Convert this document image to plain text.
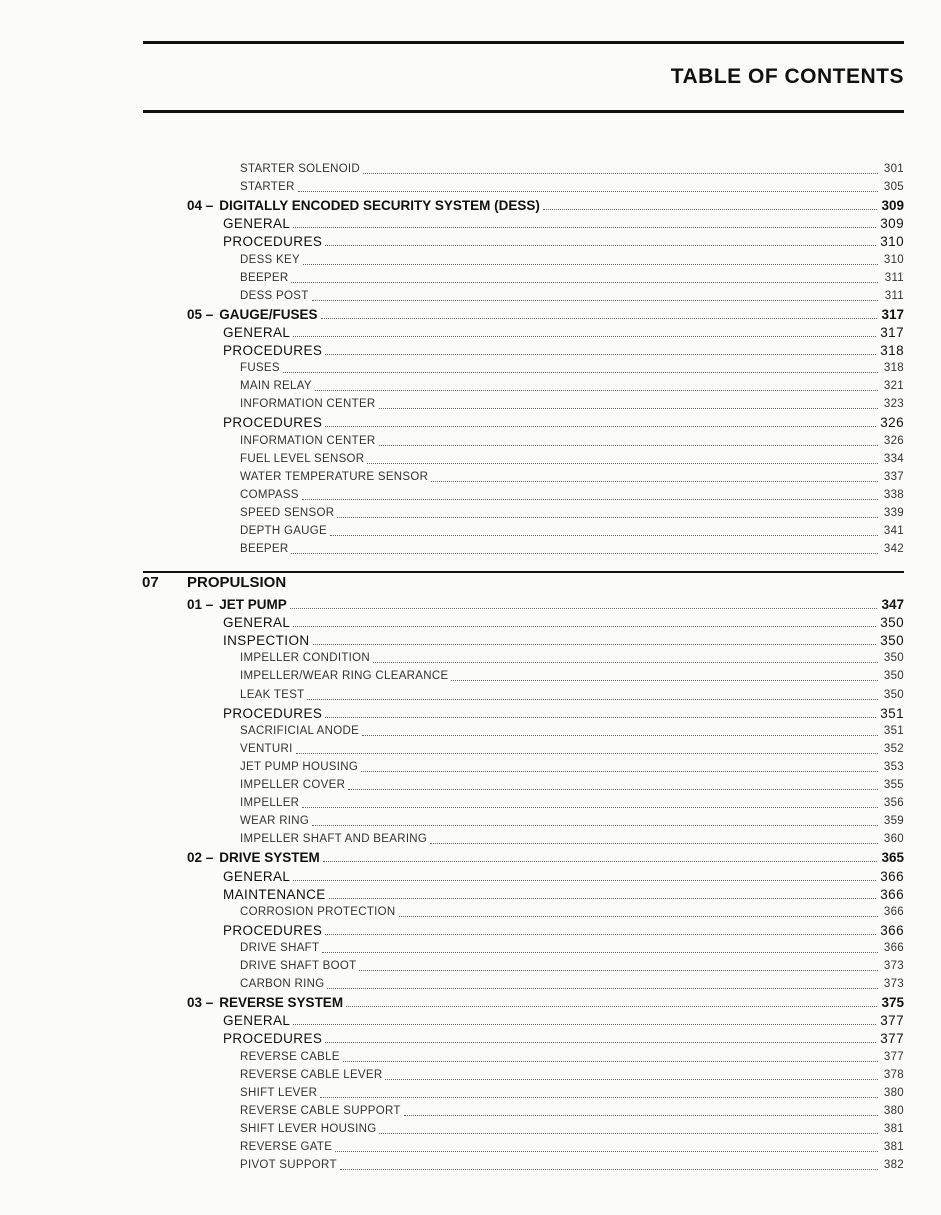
TABLE OF CONTENTS
STARTER SOLENOID	301
STARTER	305
04 – DIGITALLY ENCODED SECURITY SYSTEM (DESS)	309
GENERAL	309
PROCEDURES	310
DESS KEY	310
BEEPER	311
DESS POST	311
05 – GAUGE/FUSES	317
GENERAL	317
PROCEDURES	318
FUSES	318
MAIN RELAY	321
INFORMATION CENTER	323
PROCEDURES	326
INFORMATION CENTER	326
FUEL LEVEL SENSOR	334
WATER TEMPERATURE SENSOR	337
COMPASS	338
SPEED SENSOR	339
DEPTH GAUGE	341
BEEPER	342
07 PROPULSION
01 – JET PUMP	347
GENERAL	350
INSPECTION	350
IMPELLER CONDITION	350
IMPELLER/WEAR RING CLEARANCE	350
LEAK TEST	350
PROCEDURES	351
SACRIFICIAL ANODE	351
VENTURI	352
JET PUMP HOUSING	353
IMPELLER COVER	355
IMPELLER	356
WEAR RING	359
IMPELLER SHAFT AND BEARING	360
02 – DRIVE SYSTEM	365
GENERAL	366
MAINTENANCE	366
CORROSION PROTECTION	366
PROCEDURES	366
DRIVE SHAFT	366
DRIVE SHAFT BOOT	373
CARBON RING	373
03 – REVERSE SYSTEM	375
GENERAL	377
PROCEDURES	377
REVERSE CABLE	377
REVERSE CABLE LEVER	378
SHIFT LEVER	380
REVERSE CABLE SUPPORT	380
SHIFT LEVER HOUSING	381
REVERSE GATE	381
PIVOT SUPPORT	382
